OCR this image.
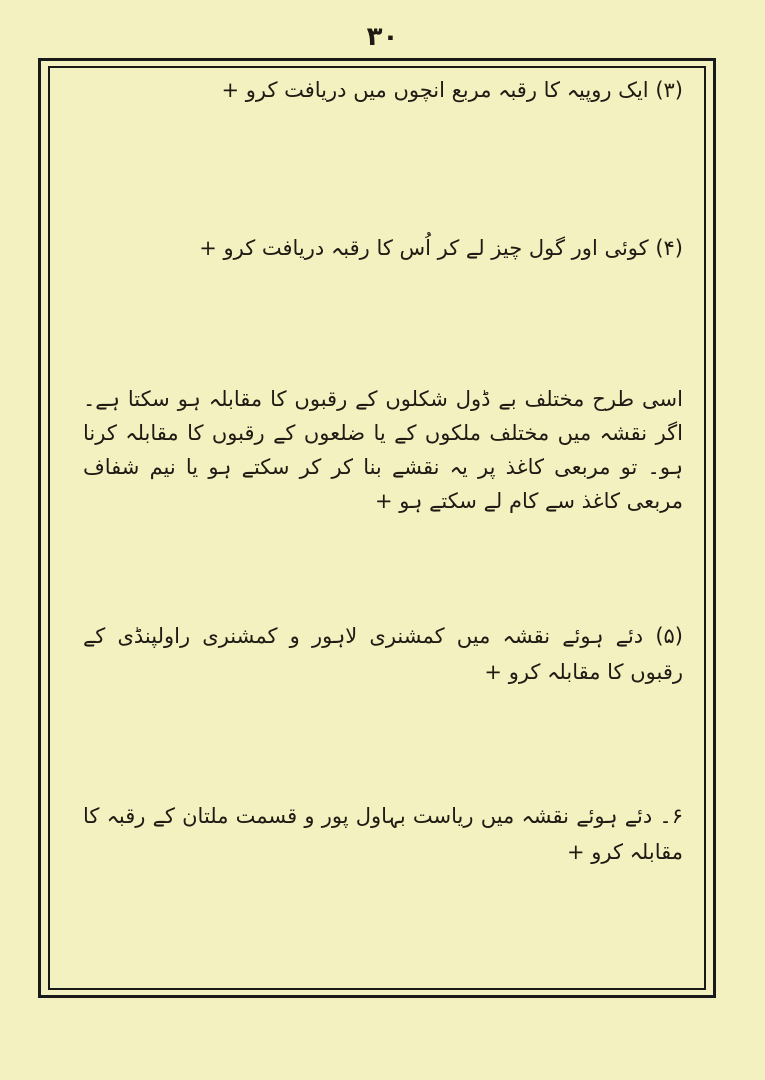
۳۰

(۳) ایک روپیہ کا رقبہ مربع انچوں میں دریافت کرو +

(۴) کوئی اور گول چیز لے کر اُس کا رقبہ دریافت کرو +

اسی طرح مختلف بے ڈول شکلوں کے رقبوں کا مقابلہ ہو سکتا ہے۔ اگر نقشہ میں مختلف ملکوں کے یا ضلعوں کے رقبوں کا مقابلہ کرنا ہو۔ تو مربعی کاغذ پر یہ نقشے بنا کر کر سکتے ہو یا نیم شفاف مربعی کاغذ سے کام لے سکتے ہو +

(۵) دئے ہوئے نقشہ میں کمشنری لاہور و کمشنری راولپنڈی کے رقبوں کا مقابلہ کرو +

۶۔ دئے ہوئے نقشہ میں ریاست بہاول پور و قسمت ملتان کے رقبہ کا مقابلہ کرو +
